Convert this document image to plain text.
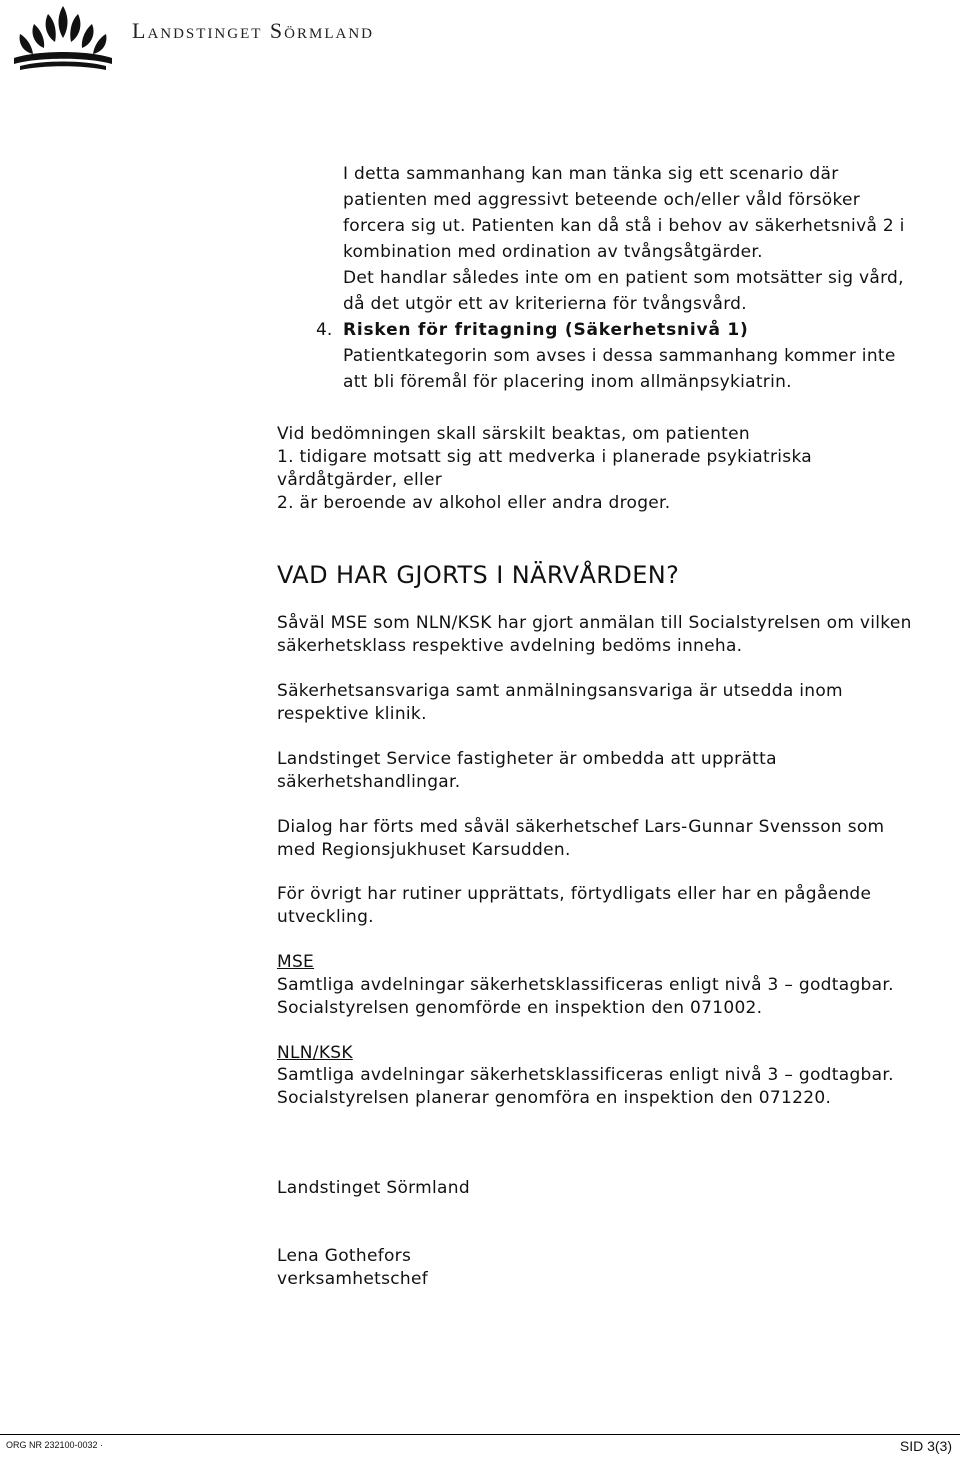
Landstinget Sörmland
I detta sammanhang kan man tänka sig ett scenario där
patienten med aggressivt beteende och/eller våld försöker
forcera sig ut. Patienten kan då stå i behov av säkerhetsnivå 2 i
kombination med ordination av tvångsåtgärder.
Det handlar således inte om en patient som motsätter sig vård,
då det utgör ett av kriterierna för tvångsvård.
4. Risken för fritagning (Säkerhetsnivå 1)
Patientkategorin som avses i dessa sammanhang kommer inte
att bli föremål för placering inom allmänpsykiatrin.
Vid bedömningen skall särskilt beaktas, om patienten
1. tidigare motsatt sig att medverka i planerade psykiatriska
vårdåtgärder, eller
2. är beroende av alkohol eller andra droger.
VAD HAR GJORTS I NÄRVÅRDEN?
Såväl MSE som NLN/KSK har gjort anmälan till Socialstyrelsen om vilken
säkerhetsklass respektive avdelning bedöms inneha.
Säkerhetsansvariga samt anmälningsansvariga är utsedda inom
respektive klinik.
Landstinget Service fastigheter är ombedda att upprätta
säkerhetshandlingar.
Dialog har förts med såväl säkerhetschef Lars-Gunnar Svensson som
med Regionsjukhuset Karsudden.
För övrigt har rutiner upprättats, förtydligats eller har en pågående
utveckling.
MSE
Samtliga avdelningar säkerhetsklassificeras enligt nivå 3 – godtagbar.
Socialstyrelsen genomförde en inspektion den 071002.
NLN/KSK
Samtliga avdelningar säkerhetsklassificeras enligt nivå 3 – godtagbar.
Socialstyrelsen planerar genomföra en inspektion den 071220.
Landstinget Sörmland
Lena Gothefors
verksamhetschef
ORG NR 232100-0032 ·	SID 3(3)
